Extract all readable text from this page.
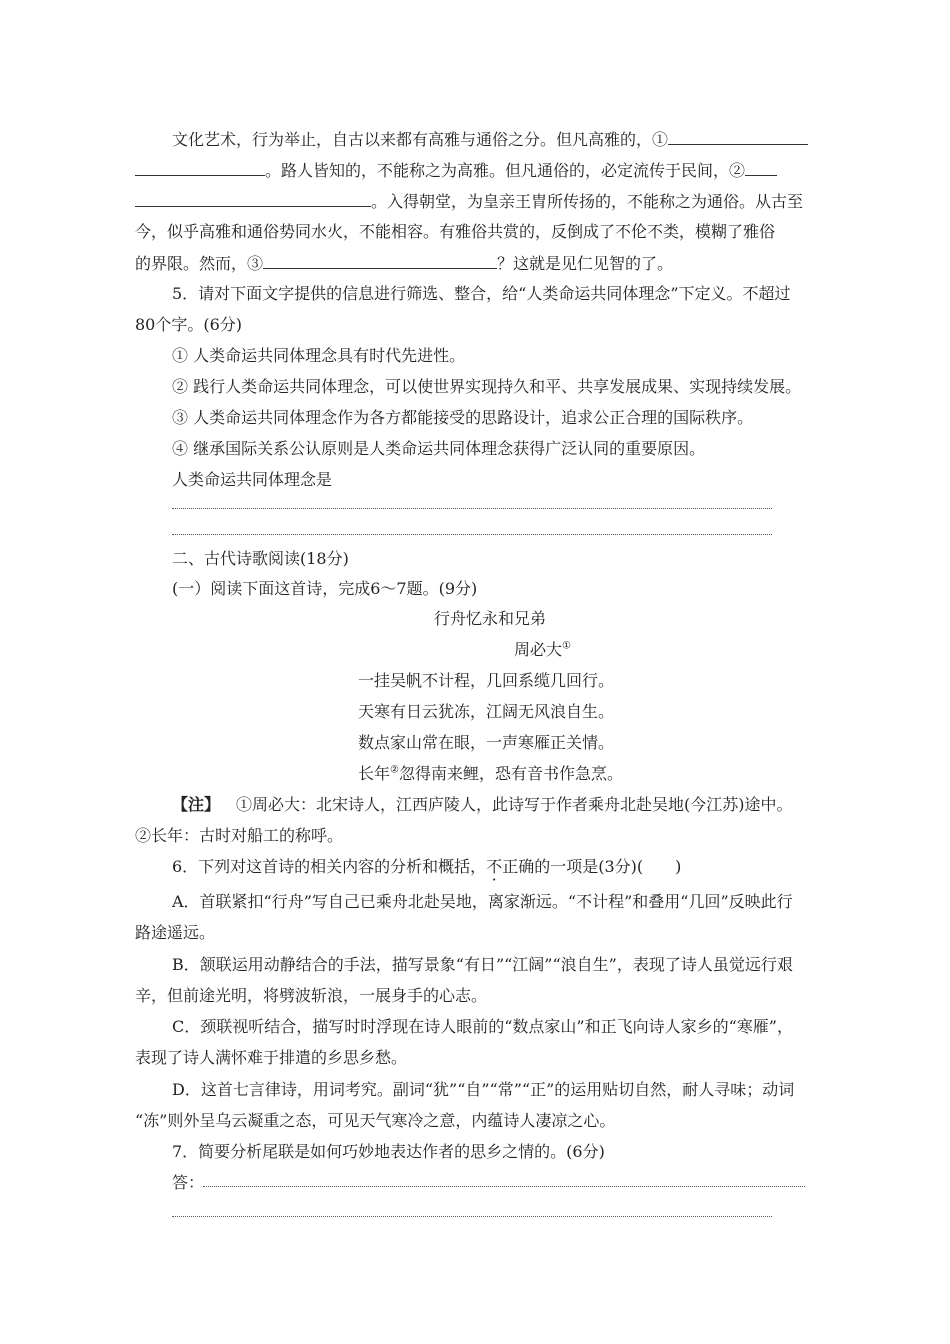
文化艺术，行为举止，自古以来都有高雅与通俗之分。但凡高雅的，①
。路人皆知的，不能称之为高雅。但凡通俗的，必定流传于民间，②
。入得朝堂，为皇亲王胄所传扬的，不能称之为通俗。从古至
今，似乎高雅和通俗势同水火，不能相容。有雅俗共赏的，反倒成了不伦不类，模糊了雅俗
的界限。然而，③	？这就是见仁见智的了。
5．请对下面文字提供的信息进行筛选、整合，给“人类命运共同体理念”下定义。不超过
80个字。(6分)
① 人类命运共同体理念具有时代先进性。
② 践行人类命运共同体理念，可以使世界实现持久和平、共享发展成果、实现持续发展。
③ 人类命运共同体理念作为各方都能接受的思路设计，追求公正合理的国际秩序。
④ 继承国际关系公认原则是人类命运共同体理念获得广泛认同的重要原因。
人类命运共同体理念是
二、古代诗歌阅读(18分)
(一）阅读下面这首诗，完成6～7题。(9分)
行舟忆永和兄弟
周必大①
一挂吴帆不计程，几回系缆几回行。
天寒有日云犹冻，江阔无风浪自生。
数点家山常在眼，一声寒雁正关情。
长年②忽得南来鲤，恐有音书作急烹。
【注】 ①周必大：北宋诗人，江西庐陵人，此诗写于作者乘舟北赴吴地(今江苏)途中。
②长年：古时对船工的称呼。
6．下列对这首诗的相关内容的分析和概括，不正确的一项是(3分)(　　)
A．首联紧扣“行舟”写自己已乘舟北赴吴地，离家渐远。“不计程”和叠用“几回”反映此行
路途遥远。
B．颔联运用动静结合的手法，描写景象“有日”“江阔”“浪自生”，表现了诗人虽觉远行艰
辛，但前途光明，将劈波斩浪，一展身手的心志。
C．颈联视听结合，描写时时浮现在诗人眼前的“数点家山”和正飞向诗人家乡的“寒雁”，
表现了诗人满怀难于排遣的乡思乡愁。
D．这首七言律诗，用词考究。副词“犹”“自”“常”“正”的运用贴切自然，耐人寻味；动词
“冻”则外呈乌云凝重之态，可见天气寒冷之意，内蕴诗人凄凉之心。
7．简要分析尾联是如何巧妙地表达作者的思乡之情的。(6分)
答：
